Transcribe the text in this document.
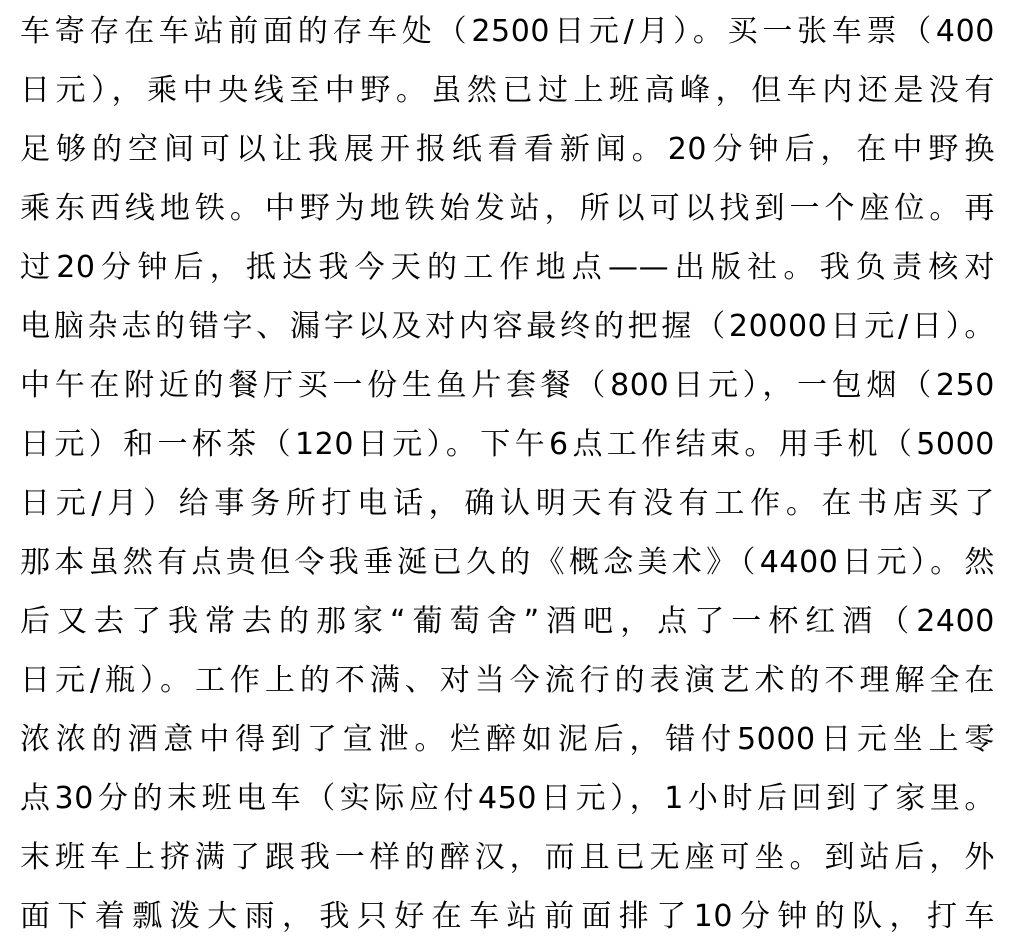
车寄存在车站前面的存车处（2500日元/月）。买一张车票（400
日元），乘中央线至中野。虽然已过上班高峰，但车内还是没有
足够的空间可以让我展开报纸看看新闻。20分钟后，在中野换
乘东西线地铁。中野为地铁始发站，所以可以找到一个座位。再
过20分钟后，抵达我今天的工作地点——出版社。我负责核对
电脑杂志的错字、漏字以及对内容最终的把握（20000日元/日）。
中午在附近的餐厅买一份生鱼片套餐（800日元），一包烟（250
日元）和一杯茶（120日元）。下午6点工作结束。用手机（5000
日元/月）给事务所打电话，确认明天有没有工作。在书店买了
那本虽然有点贵但令我垂涎已久的《概念美术》（4400日元）。然
后又去了我常去的那家“葡萄舍”酒吧，点了一杯红酒（2400
日元/瓶）。工作上的不满、对当今流行的表演艺术的不理解全在
浓浓的酒意中得到了宣泄。烂醉如泥后，错付5000日元坐上零
点30分的末班电车（实际应付450日元），1小时后回到了家里。
末班车上挤满了跟我一样的醉汉，而且已无座可坐。到站后，外
面下着瓢泼大雨，我只好在车站前面排了10分钟的队，打车
